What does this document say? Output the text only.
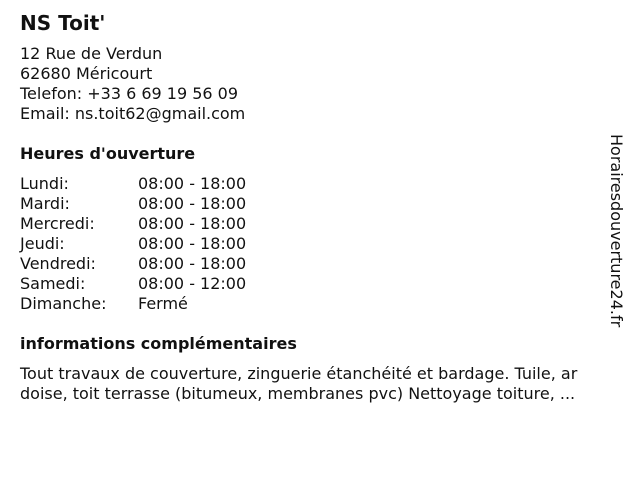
NS Toit'
12 Rue de Verdun
62680 Méricourt
Telefon: +33 6 69 19 56 09
Email: ns.toit62@gmail.com
Heures d'ouverture
Lundi:	08:00 - 18:00
Mardi:	08:00 - 18:00
Mercredi:	08:00 - 18:00
Jeudi:	08:00 - 18:00
Vendredi:	08:00 - 18:00
Samedi:	08:00 - 12:00
Dimanche:	Fermé
informations complémentaires
Tout travaux de couverture, zinguerie étanchéité et bardage. Tuile, ar
doise, toit terrasse (bitumeux, membranes pvc) Nettoyage toiture, ...
Horairesdouverture24.fr
